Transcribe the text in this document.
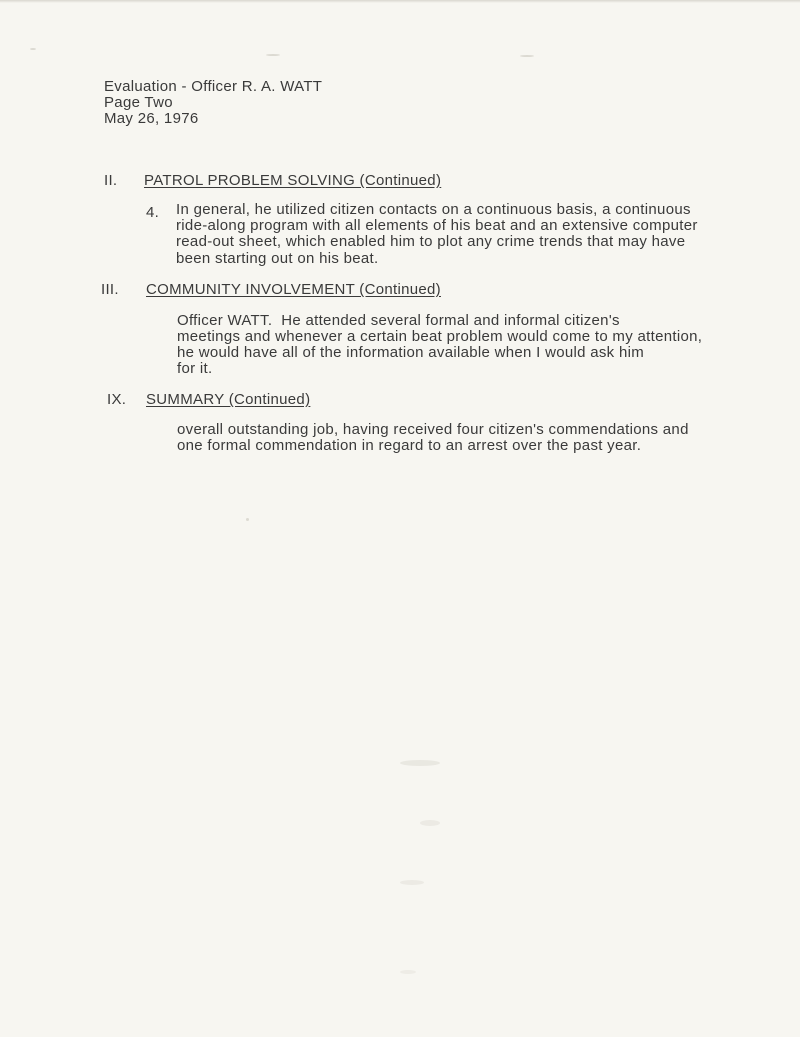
Evaluation - Officer R. A. WATT
Page Two
May 26, 1976
II. PATROL PROBLEM SOLVING (Continued)
4. In general, he utilized citizen contacts on a continuous basis, a continuous
ride-along program with all elements of his beat and an extensive computer
read-out sheet, which enabled him to plot any crime trends that may have
been starting out on his beat.
III. COMMUNITY INVOLVEMENT (Continued)
Officer WATT.  He attended several formal and informal citizen's
meetings and whenever a certain beat problem would come to my attention,
he would have all of the information available when I would ask him
for it.
IX. SUMMARY (Continued)
overall outstanding job, having received four citizen's commendations and
one formal commendation in regard to an arrest over the past year.
